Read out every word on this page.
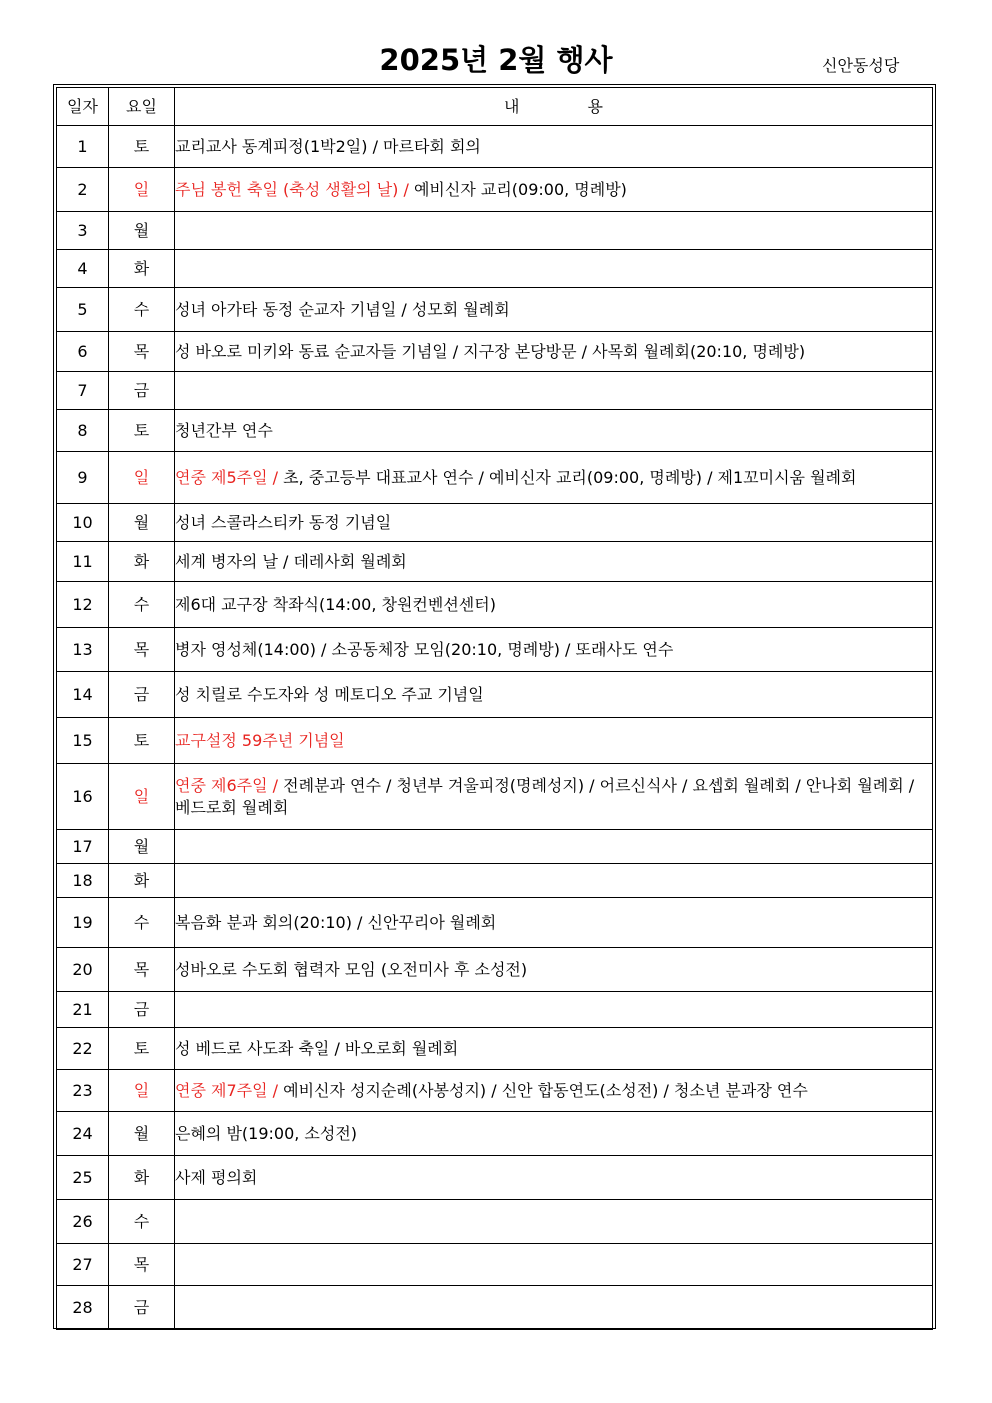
2025년 2월 행사	신안동성당
일자	요일	내 용
1	토	교리교사 동계피정(1박2일) / 마르타회 회의
2	일	주님 봉헌 축일 (축성 생활의 날) / 예비신자 교리(09:00, 명례방)
3	월	
4	화	
5	수	성녀 아가타 동정 순교자 기념일 / 성모회 월례회
6	목	성 바오로 미키와 동료 순교자들 기념일 / 지구장 본당방문 / 사목회 월례회(20:10, 명례방)
7	금	
8	토	청년간부 연수
9	일	연중 제5주일 / 초, 중고등부 대표교사 연수 / 예비신자 교리(09:00, 명례방) / 제1꼬미시움 월례회
10	월	성녀 스콜라스티카 동정 기념일
11	화	세계 병자의 날 / 데레사회 월례회
12	수	제6대 교구장 착좌식(14:00, 창원컨벤션센터)
13	목	병자 영성체(14:00) / 소공동체장 모임(20:10, 명례방) / 또래사도 연수
14	금	성 치릴로 수도자와 성 메토디오 주교 기념일
15	토	교구설정 59주년 기념일
16	일	연중 제6주일 / 전례분과 연수 / 청년부 겨울피정(명례성지) / 어르신식사 / 요셉회 월례회 / 안나회 월례회 / 베드로회 월례회
17	월	
18	화	
19	수	복음화 분과 회의(20:10) / 신안꾸리아 월례회
20	목	성바오로 수도회 협력자 모임 (오전미사 후 소성전)
21	금	
22	토	성 베드로 사도좌 축일 / 바오로회 월례회
23	일	연중 제7주일 / 예비신자 성지순례(사봉성지) / 신안 합동연도(소성전) / 청소년 분과장 연수
24	월	은혜의 밤(19:00, 소성전)
25	화	사제 평의회
26	수	
27	목	
28	금	
